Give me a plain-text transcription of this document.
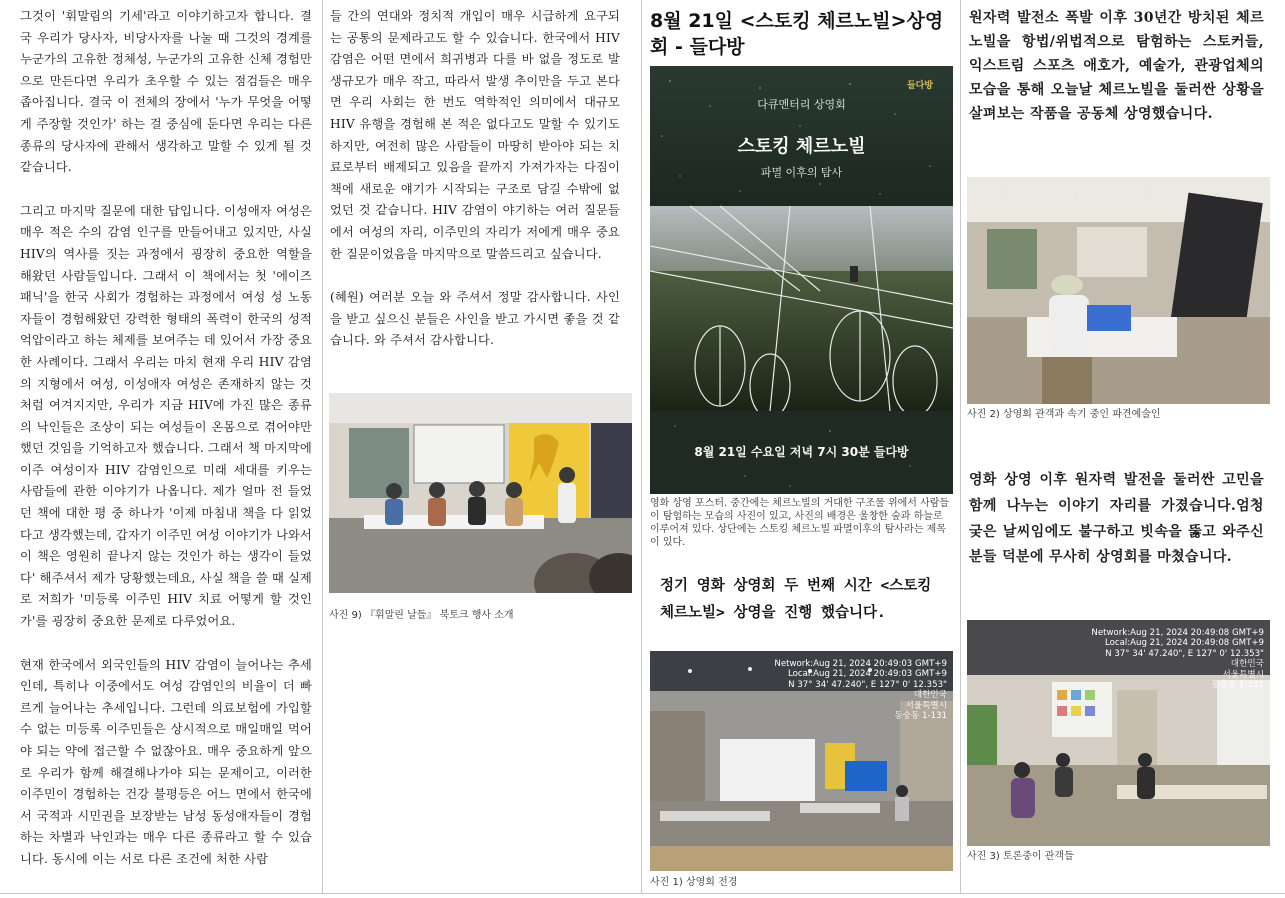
그것이 '휘말림의 기세'라고 이야기하고자 합니다. 결국 우리가 당사자, 비당사자를 나눌 때 그것의 경계를 누군가의 고유한 정체성, 누군가의 고유한 신체 경험만으로 만든다면 우리가 초우할 수 있는 점검들은 매우 좁아집니다. 결국 이 전체의 장에서 '누가 무엇을 어떻게 주장할 것인가' 하는 걸 중심에 둔다면 우리는 다른 종류의 당사자에 관해서 생각하고 말할 수 있게 될 것 같습니다.

그리고 마지막 질문에 대한 답입니다. 이성애자 여성은 매우 적은 수의 감염 인구를 만들어내고 있지만, 사실 HIV의 역사를 짓는 과정에서 굉장히 중요한 역할을 해왔던 사람들입니다. 그래서 이 책에서는 첫 '에이즈 패닉'을 한국 사회가 경험하는 과정에서 여성 성 노동자들이 경험해왔던 강력한 형태의 폭력이 한국의 성적 억압이라고 하는 체제를 보여주는 데 있어서 가장 중요한 사례이다. 그래서 우리는 마치 현재 우리 HIV 감염의 지형에서 여성, 이성애자 여성은 존재하지 않는 것처럼 여겨지지만, 우리가 지금 HIV에 가진 많은 종류의 낙인들은 조상이 되는 여성들이 온몸으로 겪어야만 했던 것임을 기억하고자 했습니다. 그래서 책 마지막에 이주 여성이자 HIV 감염인으로 미래 세대를 키우는 사람들에 관한 이야기가 나옵니다. 제가 얼마 전 들었던 책에 대한 평 중 하나가 '이제 마침내 책을 다 읽었다고 생각했는데, 갑자기 이주민 여성 이야기가 나와서 이 책은 영원히 끝나지 않는 것인가 하는 생각이 들었다' 해주셔서 제가 당황했는데요, 사실 책을 쓸 때 실제로 저희가 '미등록 이주민 HIV 치료 어떻게 할 것인가'를 굉장히 중요한 문제로 다루었어요.

현재 한국에서 외국인들의 HIV 감염이 늘어나는 추세인데, 특히나 이중에서도 여성 감염인의 비율이 더 빠르게 늘어나는 추세입니다. 그런데 의료보험에 가입할 수 없는 미등록 이주민들은 상시적으로 매일매일 먹어야 되는 약에 접근할 수 없잖아요. 매우 중요하게 앞으로 우리가 함께 해결해나가야 되는 문제이고, 이러한 이주민이 경험하는 건강 불평등은 어느 면에서 한국에서 국적과 시민권을 보장받는 남성 동성애자들이 경험하는 차별과 낙인과는 매우 다른 종류라고 할 수 있습니다. 동시에 이는 서로 다른 조건에 처한 사람

들 간의 연대와 정치적 개입이 매우 시급하게 요구되는 공통의 문제라고도 할 수 있습니다. 한국에서 HIV 감염은 어떤 면에서 희귀병과 다를 바 없을 정도로 발생규모가 매우 작고, 따라서 발생 추이만을 두고 본다면 우리 사회는 한 번도 역학적인 의미에서 대규모 HIV 유행을 경험해 본 적은 없다고도 말할 수 있기도 하지만, 여전히 많은 사람들이 마땅히 받아야 되는 치료로부터 배제되고 있음을 끝까지 가져가자는 다짐이 책에 새로운 얘기가 시작되는 구조로 담길 수밖에 없었던 것 같습니다. HIV 감염이 야기하는 여러 질문들에서 여성의 자리, 이주민의 자리가 저에게 매우 중요한 질문이었음을 마지막으로 말씀드리고 싶습니다.

(혜원) 여러분 오늘 와 주셔서 정말 감사합니다. 사인을 받고 싶으신 분들은 사인을 받고 가시면 좋을 것 같습니다. 와 주셔서 감사합니다.

사진 9) 『휘말린 날들』 북토크 행사 소개
8월 21일 <스토킹 체르노빌>상영회 - 들다방
다큐멘터리 상영회
스토킹 체르노빌
파멸 이후의 탐사
들다방
8월 21일 수요일 저녁 7시 30분 들다방
영화 상영 포스터. 중간에는 체르노빌의 거대한 구조물 위에서 사람들이 탐험하는 모습의 사진이 있고, 사진의 배경은 울창한 숲과 하늘로 이루어져 있다. 상단에는 스토킹 체르노빌 파멸이후의 탐사라는 제목이 있다.
정기 영화 상영회 두 번째 시간 <스토킹 체르노빌> 상영을 진행 했습니다.
Network:Aug 21, 2024 20:49:03 GMT+9
Local:Aug 21, 2024 20:49:03 GMT+9
N 37° 34' 47.240", E 127° 0' 12.353"
대한민국
서울특별시
동숭동 1-131
사진 1) 상영회 전경
원자력 발전소 폭발 이후 30년간 방치된 체르노빌을 항법/위법적으로 탐험하는 스토커들, 익스트림 스포츠 애호가, 예술가, 관광업체의 모습을 통해 오늘날 체르노빌을 둘러싼 상황을 살펴보는 작품을 공동체 상영했습니다.
사진 2) 상영회 관객과 속기 중인 파견예술인
영화 상영 이후 원자력 발전을 둘러싼 고민을 함께 나누는 이야기 자리를 가졌습니다.엄청 궂은 날씨임에도 불구하고 빗속을 뚫고 와주신 분들 덕분에 무사히 상영회를 마쳤습니다.
Network:Aug 21, 2024 20:49:08 GMT+9
Local:Aug 21, 2024 20:49:08 GMT+9
N 37° 34' 47.240", E 127° 0' 12.353"
대한민국
서울특별시
동숭동 1-131
사진 3) 토론중이 관객들
